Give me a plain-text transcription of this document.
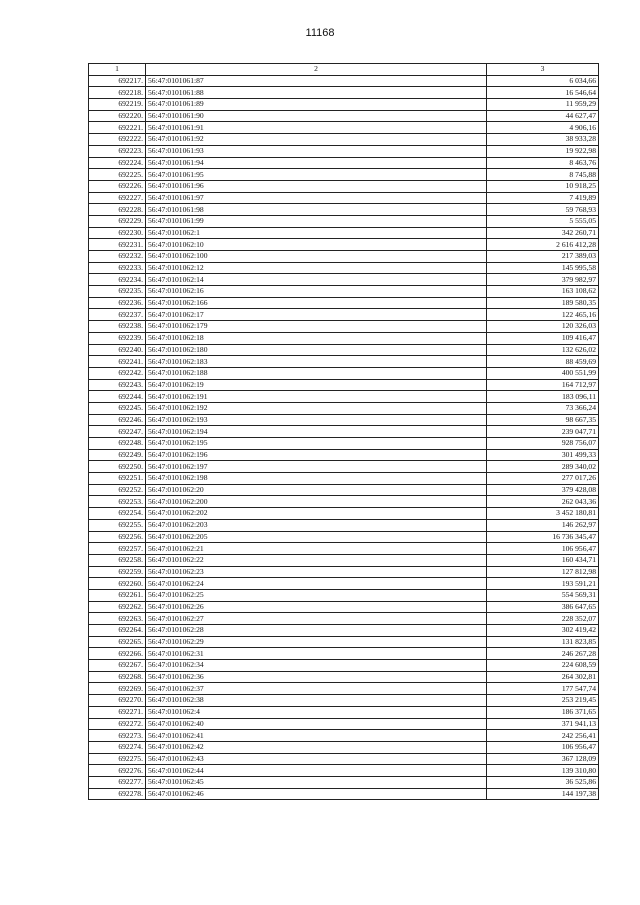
11168
1	2	3
692217.	56:47:0101061:87	6 034,66
692218.	56:47:0101061:88	16 546,64
692219.	56:47:0101061:89	11 959,29
692220.	56:47:0101061:90	44 627,47
692221.	56:47:0101061:91	4 906,16
692222.	56:47:0101061:92	38 933,28
692223.	56:47:0101061:93	19 922,98
692224.	56:47:0101061:94	8 463,76
692225.	56:47:0101061:95	8 745,88
692226.	56:47:0101061:96	10 918,25
692227.	56:47:0101061:97	7 419,89
692228.	56:47:0101061:98	59 768,93
692229.	56:47:0101061:99	5 555,05
692230.	56:47:0101062:1	342 260,71
692231.	56:47:0101062:10	2 616 412,28
692232.	56:47:0101062:100	217 389,03
692233.	56:47:0101062:12	145 995,58
692234.	56:47:0101062:14	379 982,97
692235.	56:47:0101062:16	163 108,62
692236.	56:47:0101062:166	189 580,35
692237.	56:47:0101062:17	122 465,16
692238.	56:47:0101062:179	120 326,03
692239.	56:47:0101062:18	109 416,47
692240.	56:47:0101062:180	132 626,02
692241.	56:47:0101062:183	88 459,69
692242.	56:47:0101062:188	400 551,99
692243.	56:47:0101062:19	164 712,97
692244.	56:47:0101062:191	183 096,11
692245.	56:47:0101062:192	73 366,24
692246.	56:47:0101062:193	98 667,35
692247.	56:47:0101062:194	239 047,71
692248.	56:47:0101062:195	928 756,07
692249.	56:47:0101062:196	301 499,33
692250.	56:47:0101062:197	289 340,02
692251.	56:47:0101062:198	277 017,26
692252.	56:47:0101062:20	379 428,08
692253.	56:47:0101062:200	262 043,36
692254.	56:47:0101062:202	3 452 180,81
692255.	56:47:0101062:203	146 262,97
692256.	56:47:0101062:205	16 736 345,47
692257.	56:47:0101062:21	106 956,47
692258.	56:47:0101062:22	160 434,71
692259.	56:47:0101062:23	127 812,98
692260.	56:47:0101062:24	193 591,21
692261.	56:47:0101062:25	554 569,31
692262.	56:47:0101062:26	386 647,65
692263.	56:47:0101062:27	228 352,07
692264.	56:47:0101062:28	302 419,42
692265.	56:47:0101062:29	131 823,85
692266.	56:47:0101062:31	246 267,28
692267.	56:47:0101062:34	224 608,59
692268.	56:47:0101062:36	264 302,81
692269.	56:47:0101062:37	177 547,74
692270.	56:47:0101062:38	253 219,45
692271.	56:47:0101062:4	186 371,65
692272.	56:47:0101062:40	371 941,13
692273.	56:47:0101062:41	242 256,41
692274.	56:47:0101062:42	106 956,47
692275.	56:47:0101062:43	367 128,09
692276.	56:47:0101062:44	139 310,80
692277.	56:47:0101062:45	36 525,86
692278.	56:47:0101062:46	144 197,38
